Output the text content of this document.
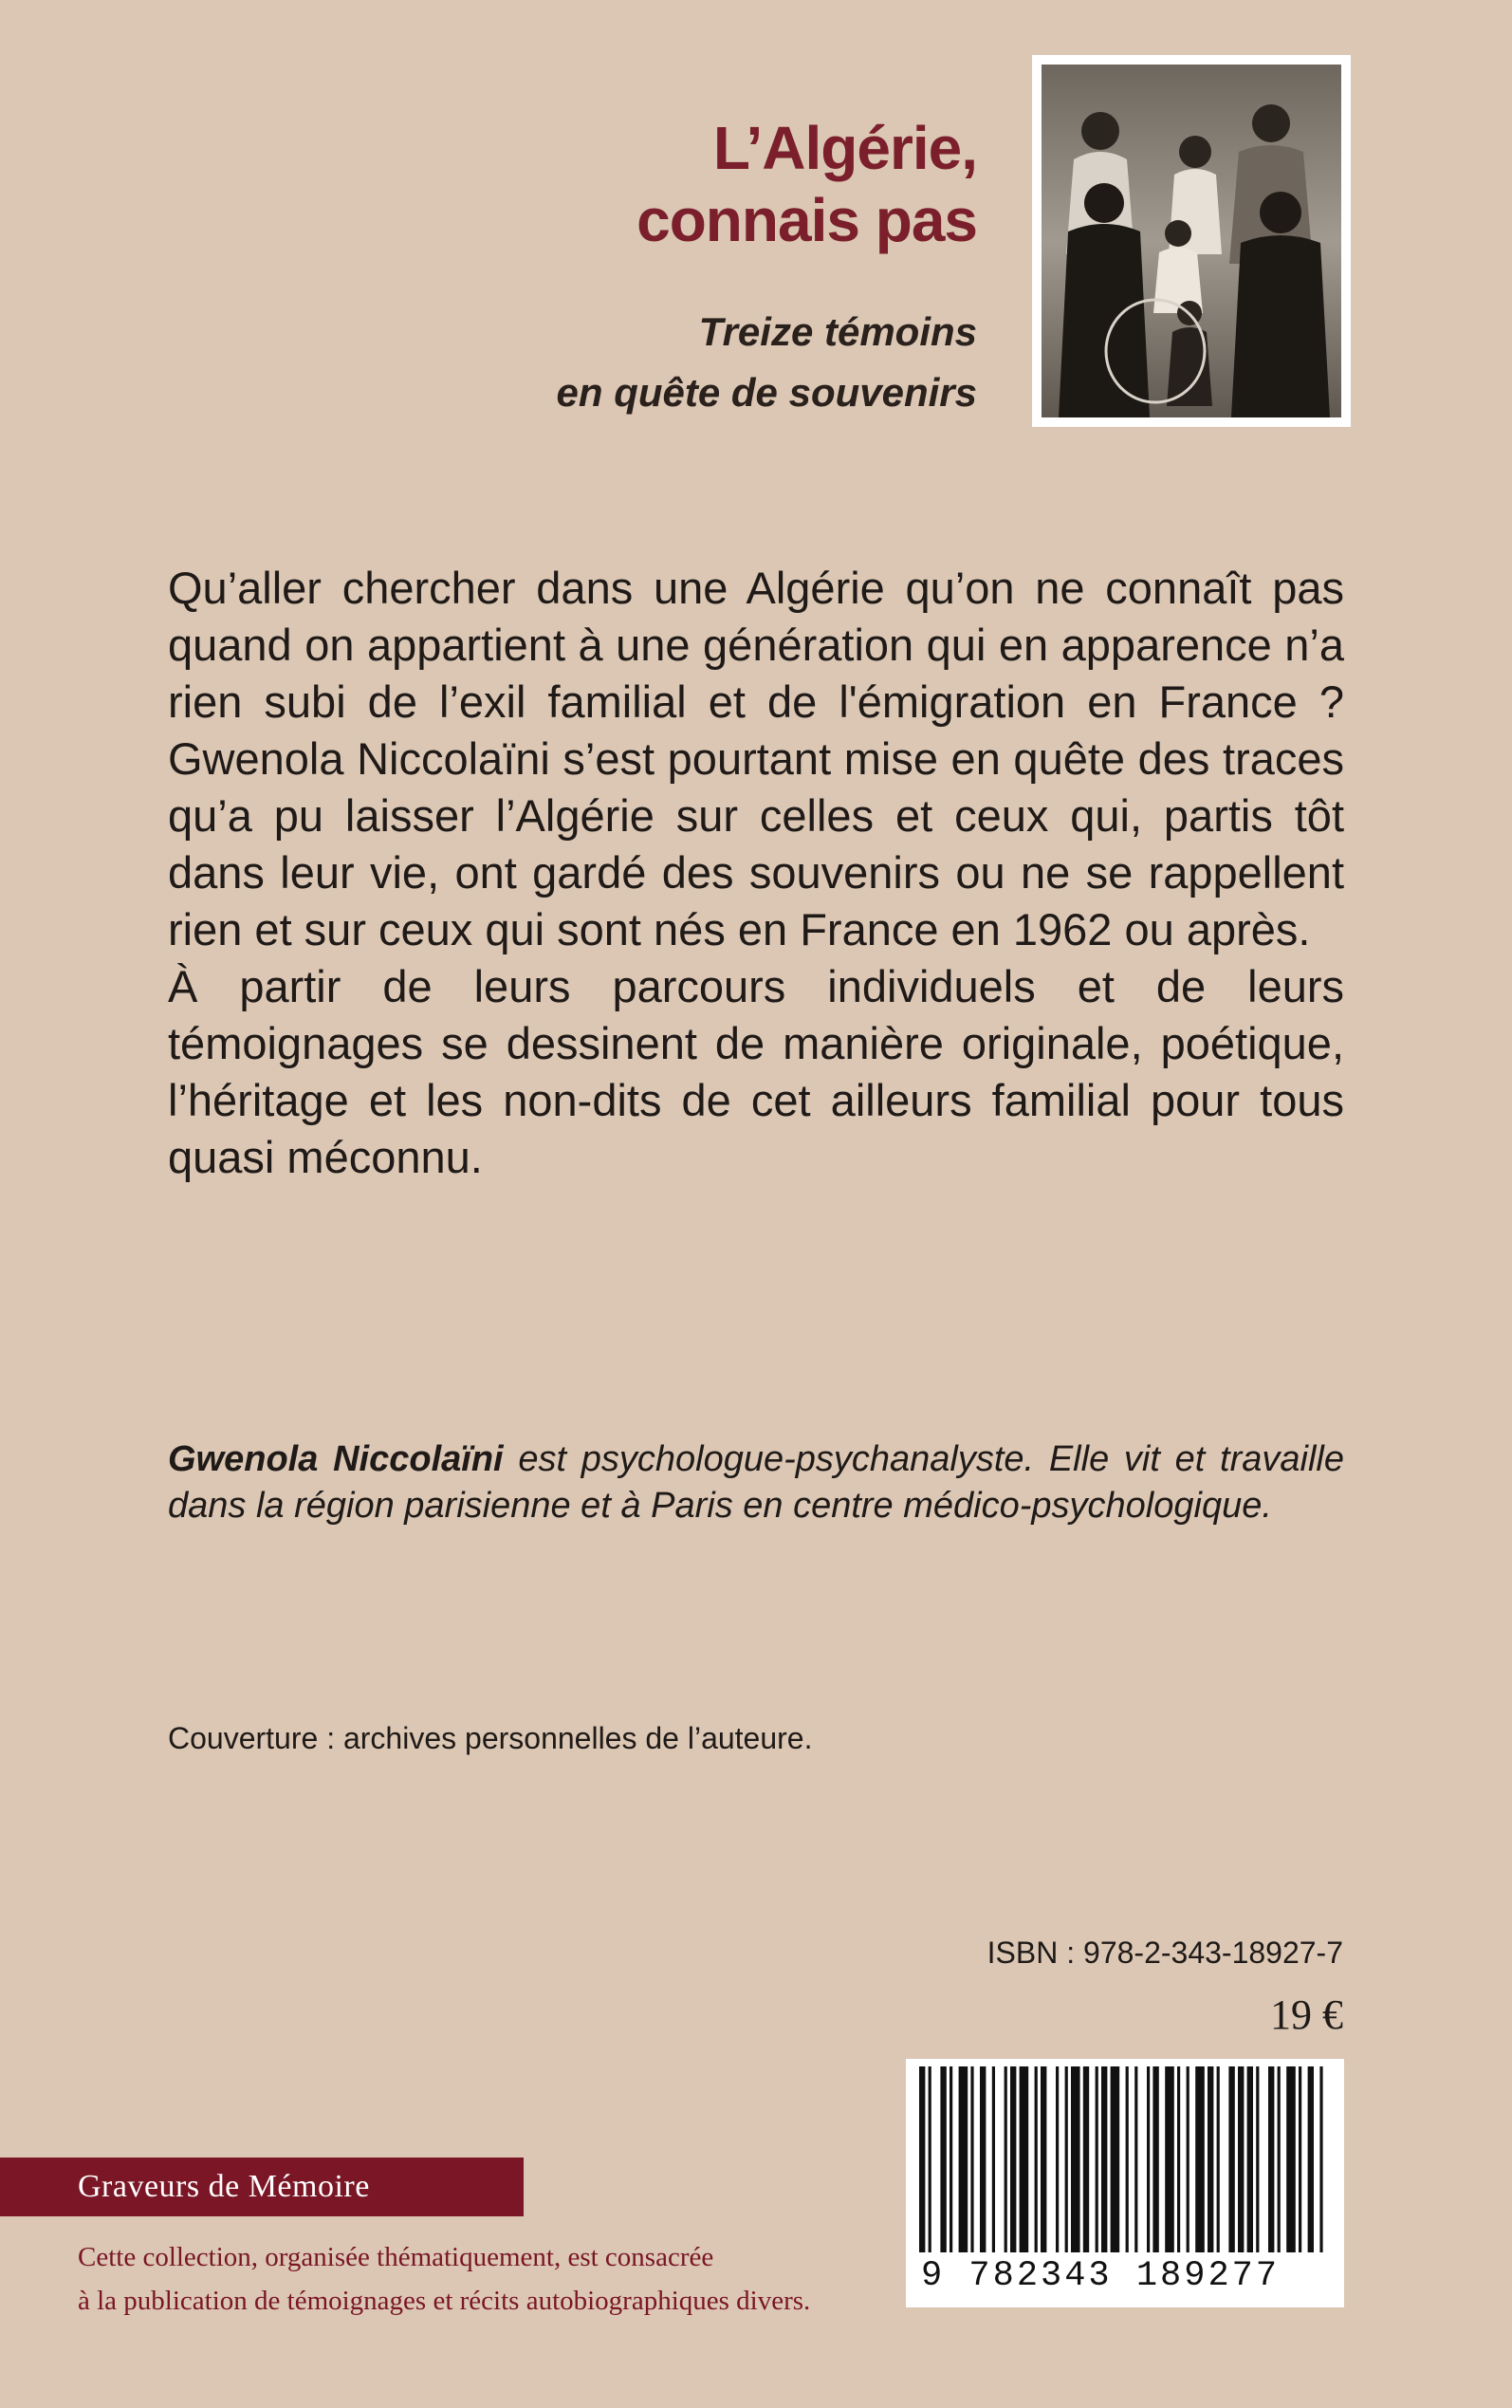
L’Algérie,
connais pas
Treize témoins
en quête de souvenirs

Qu’aller chercher dans une Algérie qu’on ne connaît pas quand on appartient à une génération qui en apparence n’a rien subi de l’exil familial et de l'émigration en France ? Gwenola Niccolaïni s’est pourtant mise en quête des traces qu’a pu laisser l’Algérie sur celles et ceux qui, partis tôt dans leur vie, ont gardé des souvenirs ou ne se rappellent rien et sur ceux qui sont nés en France en 1962 ou après.

À partir de leurs parcours individuels et de leurs témoignages se dessinent de manière originale, poétique, l’héritage et les non-dits de cet ailleurs familial pour tous quasi méconnu.

Gwenola Niccolaïni est psychologue-psychanalyste. Elle vit et travaille dans la région parisienne et à Paris en centre médico-psychologique.

Couverture : archives personnelles de l’auteure.

ISBN : 978-2-343-18927-7

19 €

9 782343 189277

Graveurs de Mémoire

Cette collection, organisée thématiquement, est consacrée
à la publication de témoignages et récits autobiographiques divers.
